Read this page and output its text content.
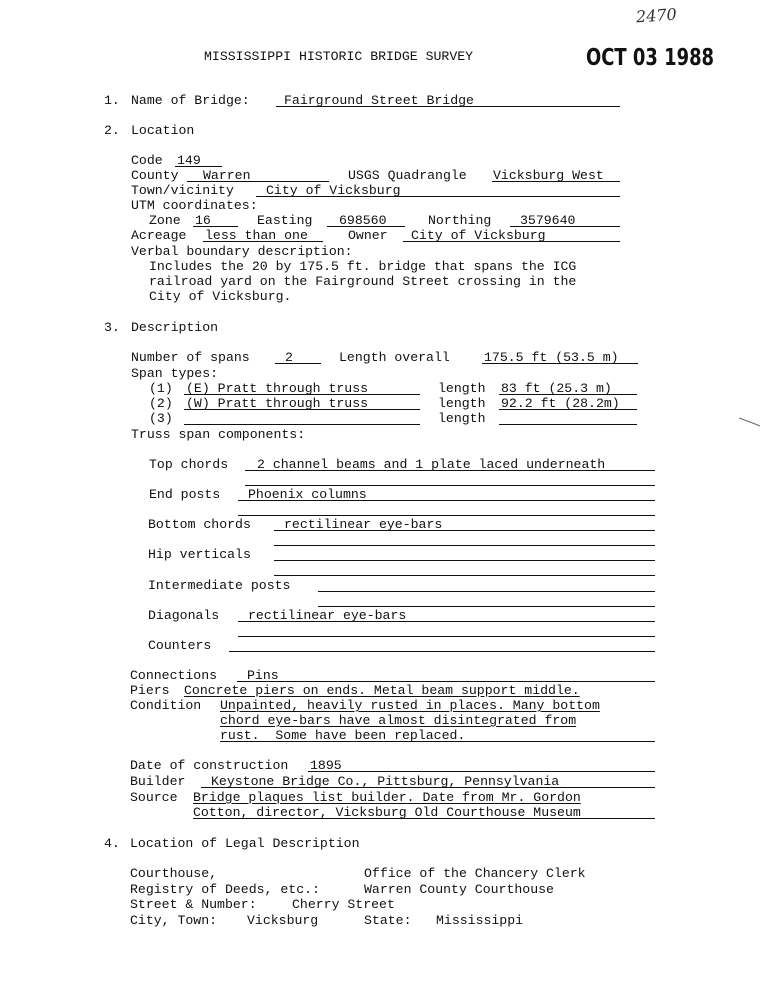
2470
MISSISSIPPI HISTORIC BRIDGE SURVEY	OCT 03 1988
1. Name of Bridge:	Fairground Street Bridge
2. Location
Code 149
County Warren	USGS Quadrangle Vicksburg West
Town/vicinity City of Vicksburg
UTM coordinates:
Zone 16	Easting 698560	Northing 3579640
Acreage less than one	Owner City of Vicksburg
Verbal boundary description:
Includes the 20 by 175.5 ft. bridge that spans the ICG
railroad yard on the Fairground Street crossing in the
City of Vicksburg.
3. Description
Number of spans	2	Length overall	175.5 ft (53.5 m)
Span types:
(1) (E) Pratt through truss	length 83 ft (25.3 m)
(2) (W) Pratt through truss	length 92.2 ft (28.2m)
(3)	length
Truss span components:
Top chords 2 channel beams and 1 plate laced underneath
End posts Phoenix columns
Bottom chords	rectilinear eye-bars
Hip verticals
Intermediate posts
Diagonals rectilinear eye-bars
Counters
Connections Pins
Piers Concrete piers on ends. Metal beam support middle.
Condition Unpainted, heavily rusted in places. Many bottom
chord eye-bars have almost disintegrated from
rust.  Some have been replaced.
Date of construction 1895
Builder Keystone Bridge Co., Pittsburg, Pennsylvania
Source Bridge plaques list builder. Date from Mr. Gordon
Cotton, director, Vicksburg Old Courthouse Museum
4. Location of Legal Description
Courthouse,	Office of the Chancery Clerk
Registry of Deeds, etc.:	Warren County Courthouse
Street & Number:	Cherry Street
City, Town: Vicksburg	State: Mississippi
